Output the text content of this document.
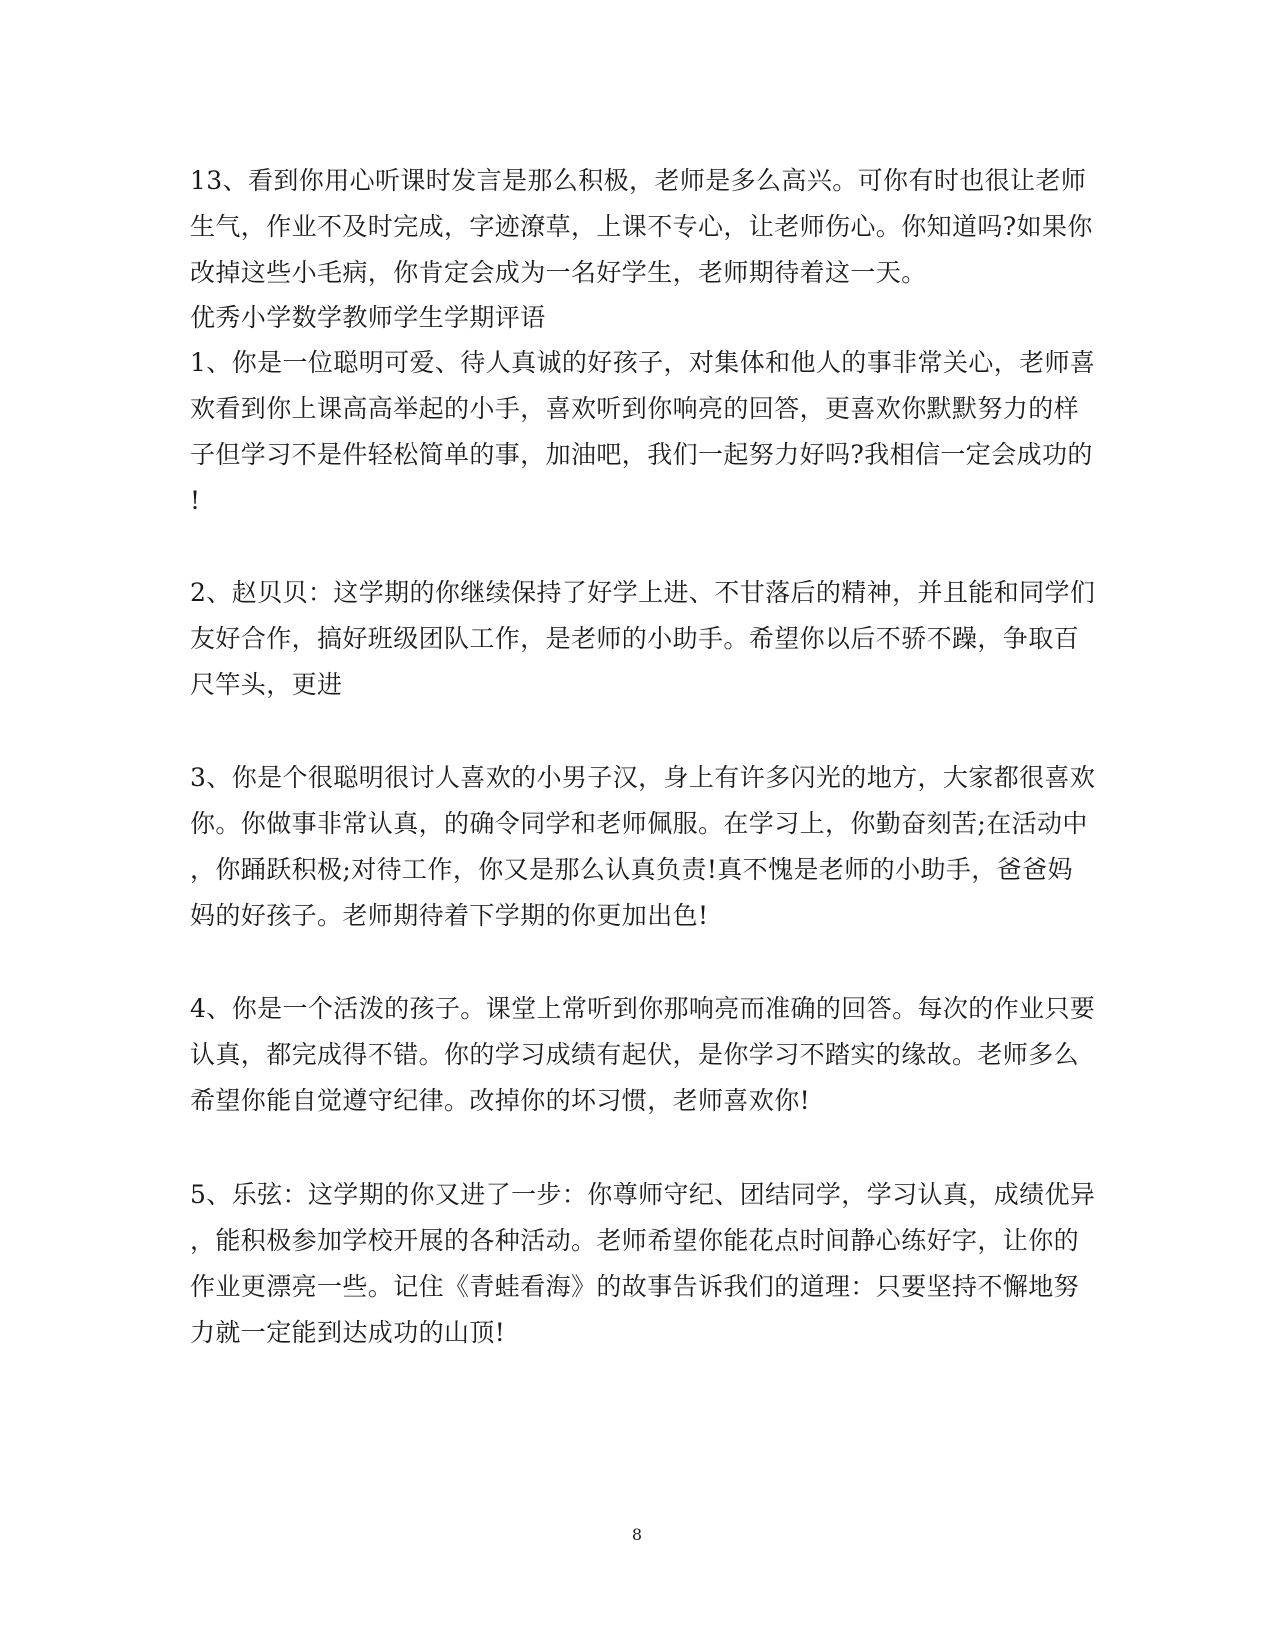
13、看到你用心听课时发言是那么积极，老师是多么高兴。可你有时也很让老师
生气，作业不及时完成，字迹潦草，上课不专心，让老师伤心。你知道吗?如果你
改掉这些小毛病，你肯定会成为一名好学生，老师期待着这一天。
优秀小学数学教师学生学期评语
1、你是一位聪明可爱、待人真诚的好孩子，对集体和他人的事非常关心，老师喜
欢看到你上课高高举起的小手，喜欢听到你响亮的回答，更喜欢你默默努力的样
子但学习不是件轻松简单的事，加油吧，我们一起努力好吗?我相信一定会成功的
!
2、赵贝贝：这学期的你继续保持了好学上进、不甘落后的精神，并且能和同学们
友好合作，搞好班级团队工作，是老师的小助手。希望你以后不骄不躁，争取百
尺竿头，更进
3、你是个很聪明很讨人喜欢的小男子汉，身上有许多闪光的地方，大家都很喜欢
你。你做事非常认真，的确令同学和老师佩服。在学习上，你勤奋刻苦;在活动中
，你踊跃积极;对待工作，你又是那么认真负责!真不愧是老师的小助手，爸爸妈
妈的好孩子。老师期待着下学期的你更加出色!
4、你是一个活泼的孩子。课堂上常听到你那响亮而准确的回答。每次的作业只要
认真，都完成得不错。你的学习成绩有起伏，是你学习不踏实的缘故。老师多么
希望你能自觉遵守纪律。改掉你的坏习惯，老师喜欢你!
5、乐弦：这学期的你又进了一步：你尊师守纪、团结同学，学习认真，成绩优异
，能积极参加学校开展的各种活动。老师希望你能花点时间静心练好字，让你的
作业更漂亮一些。记住《青蛙看海》的故事告诉我们的道理：只要坚持不懈地努
力就一定能到达成功的山顶!
8
